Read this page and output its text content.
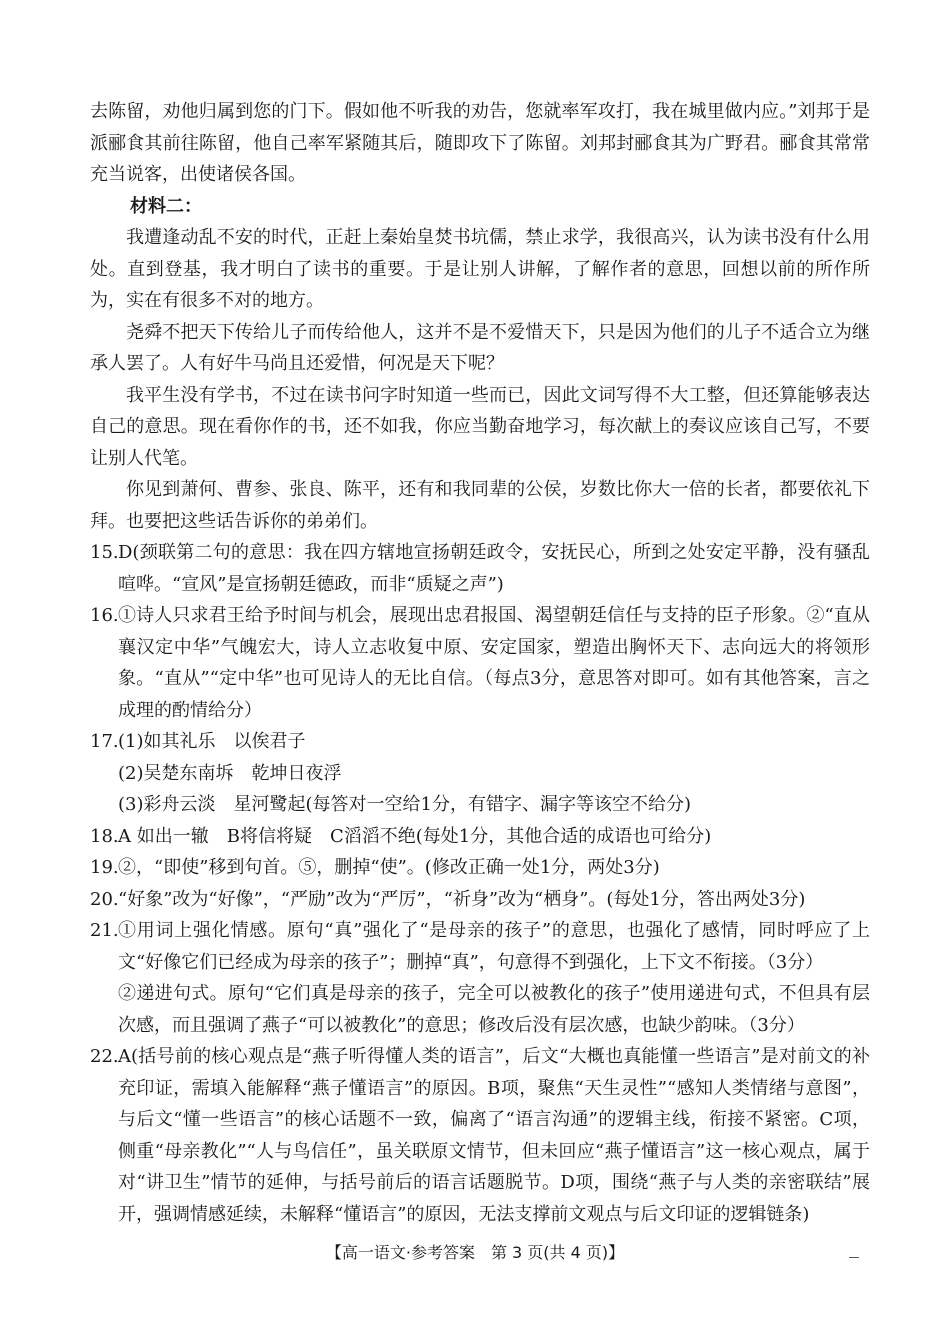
去陈留，劝他归属到您的门下。假如他不听我的劝告，您就率军攻打，我在城里做内应。”刘邦于是派郦食其前往陈留，他自己率军紧随其后，随即攻下了陈留。刘邦封郦食其为广野君。郦食其常常充当说客，出使诸侯各国。

材料二：

我遭逢动乱不安的时代，正赶上秦始皇焚书坑儒，禁止求学，我很高兴，认为读书没有什么用处。直到登基，我才明白了读书的重要。于是让别人讲解，了解作者的意思，回想以前的所作所为，实在有很多不对的地方。

尧舜不把天下传给儿子而传给他人，这并不是不爱惜天下，只是因为他们的儿子不适合立为继承人罢了。人有好牛马尚且还爱惜，何况是天下呢？

我平生没有学书，不过在读书问字时知道一些而已，因此文词写得不大工整，但还算能够表达自己的意思。现在看你作的书，还不如我，你应当勤奋地学习，每次献上的奏议应该自己写，不要让别人代笔。

你见到萧何、曹参、张良、陈平，还有和我同辈的公侯，岁数比你大一倍的长者，都要依礼下拜。也要把这些话告诉你的弟弟们。

15. D(颈联第二句的意思：我在四方辖地宣扬朝廷政令，安抚民心，所到之处安定平静，没有骚乱喧哗。“宣风”是宣扬朝廷德政，而非“质疑之声”)
16. ①诗人只求君王给予时间与机会，展现出忠君报国、渴望朝廷信任与支持的臣子形象。②“直从襄汉定中华”气魄宏大，诗人立志收复中原、安定国家，塑造出胸怀天下、志向远大的将领形象。“直从”“定中华”也可见诗人的无比自信。（每点3分，意思答对即可。如有其他答案，言之成理的酌情给分）
17. (1)如其礼乐　以俟君子
(2)吴楚东南坼　乾坤日夜浮
(3)彩舟云淡　星河鹭起(每答对一空给1分，有错字、漏字等该空不给分)
18. A 如出一辙　B将信将疑　C滔滔不绝(每处1分，其他合适的成语也可给分)
19. ②，“即使”移到句首。⑤，删掉“使”。(修改正确一处1分，两处3分)
20. “好象”改为“好像”，“严励”改为“严厉”，“祈身”改为“栖身”。(每处1分，答出两处3分)
21. ①用词上强化情感。原句“真”强化了“是母亲的孩子”的意思，也强化了感情，同时呼应了上文“好像它们已经成为母亲的孩子”；删掉“真”，句意得不到强化，上下文不衔接。（3分）
②递进句式。原句“它们真是母亲的孩子，完全可以被教化的孩子”使用递进句式，不但具有层次感，而且强调了燕子“可以被教化”的意思；修改后没有层次感，也缺少韵味。（3分）
22. A(括号前的核心观点是“燕子听得懂人类的语言”，后文“大概也真能懂一些语言”是对前文的补充印证，需填入能解释“燕子懂语言”的原因。B项，聚焦“天生灵性”“感知人类情绪与意图”，与后文“懂一些语言”的核心话题不一致，偏离了“语言沟通”的逻辑主线，衔接不紧密。C项，侧重“母亲教化”“人与鸟信任”，虽关联原文情节，但未回应“燕子懂语言”这一核心观点，属于对“讲卫生”情节的延伸，与括号前后的语言话题脱节。D项，围绕“燕子与人类的亲密联结”展开，强调情感延续，未解释“懂语言”的原因，无法支撑前文观点与后文印证的逻辑链条)
【高一语文·参考答案　第 3 页(共 4 页)】
